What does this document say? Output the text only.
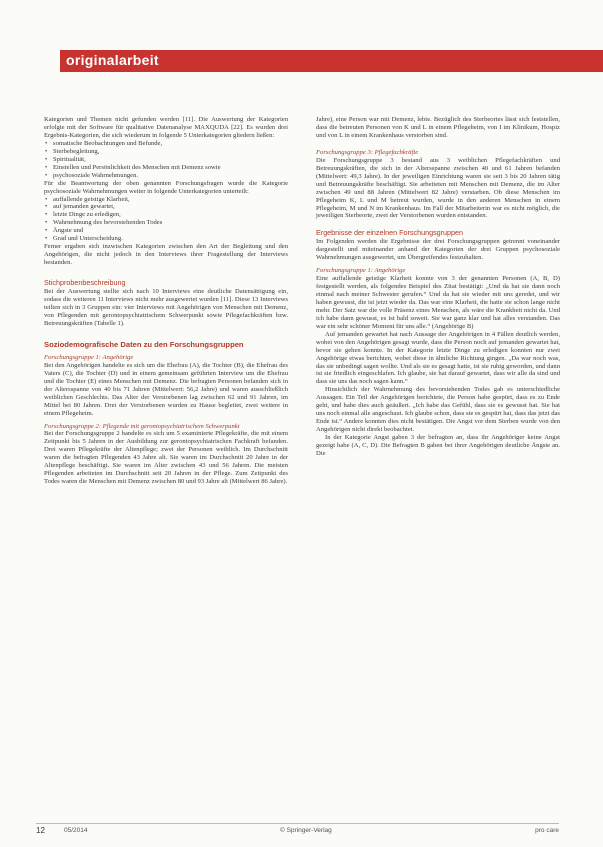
originalarbeit

Kategorien und Themen nicht gefunden werden [11]. Die Auswertung der Kategorien erfolgte mit der Software für qualitative Datenanalyse MAXQUDA [22]. Es wurden drei Ergebnis-Kategorien, die sich wiederum in folgende 5 Unterkategorien gliedern ließen:

• somatische Beobachtungen und Befunde,

• Sterbebegleitung,

• Spiritualität,

• Einstellen und Persönlichkeit des Menschen mit Demenz sowie

• psychosoziale Wahrnehmungen.

Für die Beantwortung der oben genannten Forschungsfragen wurde die Kategorie psychosoziale Wahrnehmungen weiter in folgende Unterkategorien unterteilt:

• auffallende geistige Klarheit,

• auf jemanden gewartet,

• letzte Dinge zu erledigen,

• Wahrnehmung des bevorstehenden Todes

• Ängste und

• Grad und Unterscheidung.

Ferner ergaben sich inzwischen Kategorien zwischen den Art der Begleitung und den Angehörigen, die nicht jedoch in den Interviews ihrer Fragestellung der Interviews bestanden.

Stichprobenbeschreibung

Bei der Auswertung stellte sich nach 10 Interviews eine deutliche Datensättigung ein, sodass die weiteren 11 Interviews nicht mehr ausgewertet wurden [11]. Diese 13 Interviews teilten sich in 3 Gruppen ein: vier Interviews mit Angehörigen von Menschen mit Demenz, von Pflegenden mit gerontopsychiatrischem Schwerpunkt sowie Pflegefachkräften bzw. Betreuungskräften (Tabelle 1).

Soziodemografische Daten zu den Forschungsgruppen

Forschungsgruppe 1: Angehörige

Bei den Angehörigen handelte es sich um die Ehefrau (A), die Tochter (B), die Ehefrau des Vaters (C), die Tochter (D) und in einem gemeinsam geführten Interview um die Ehefrau und die Tochter (E) eines Menschen mit Demenz. Die befragten Personen befanden sich in der Altersspanne von 40 bis 71 Jahren (Mittelwert: 56,2 Jahre) und waren ausschließlich weiblichen Geschlechts. Das Alter der Verstorbenen lag zwischen 62 und 91 Jahren, im Mittel bei 80 Jahren. Drei der Verstorbenen wurden zu Hause begleitet, zwei weitere in einem Pflegeheim.

Forschungsgruppe 2: Pflegende mit gerontopsychiatrischem Schwerpunkt

Bei der Forschungsgruppe 2 handelte es sich um 5 examinierte Pflegekräfte, die mit einem Zeitpunkt bis 5 Jahren in der Ausbildung zur gerontopsychiatrischen Fachkraft befanden. Drei waren Pflegekräfte der Altenpflege; zwei der Personen weiblich. Im Durchschnitt waren die befragten Pflegenden 43 Jahre alt. Sie waren im Durchschnitt 20 Jahre in der Altenpflege beschäftigt. Sie waren im Alter zwischen 43 und 56 Jahren. Die meisten Pflegenden arbeiteten im Durchschnitt seit 20 Jahren in der Pflege. Zum Zeitpunkt des Todes waren die Menschen mit Demenz zwischen 80 und 93 Jahre alt (Mittelwert 86 Jahre).

Jahre), eine Person war mit Demenz, lebte. Bezüglich des Sterbeortes lässt sich feststellen, dass die betreuten Personen von K und L in einem Pflegeheim, von I im Klinikum, Hospiz und von L in einem Krankenhaus verstorben sind.

Forschungsgruppe 3: Pflegefachkräfte

Die Forschungsgruppe 3 bestand aus 3 weiblichen Pflegefachkräften und Betreuungskräften, die sich in der Altersspanne zwischen 40 und 61 Jahren befanden (Mittelwert: 49,3 Jahre). In der jeweiligen Einrichtung waren sie seit 3 bis 20 Jahren tätig und Betreuungskräfte beschäftigt. Sie arbeiteten mit Menschen mit Demenz, die im Alter zwischen 49 und 88 Jahren (Mittelwert 82 Jahre) verstarben. Ob diese Menschen im Pflegeheim K, L und M betreut wurden, wurde in den anderen Menschen in einem Pflegeheim, M und N im Krankenhaus. Im Fall der Mitarbeiterin war es nicht möglich, die jeweiligen Sterbeorte, zwei der Verstorbenen wurden entstanden.

Ergebnisse der einzelnen Forschungsgruppen

Im Folgenden werden die Ergebnisse der drei Forschungsgruppen getrennt voneinander dargestellt und miteinander anhand der Kategorien der drei Gruppen psychosoziale Wahrnehmungen ausgewertet, um Übergreifendes festzuhalten.

Forschungsgruppe 1: Angehörige

Eine auffallende geistige Klarheit konnte von 3 der genannten Personen (A, B, D) festgestellt werden, als folgendes Beispiel des Zitat bestätigt: „Und da hat sie dann noch einmal nach meiner Schwester gerufen.“ Und da hat sie wieder mit uns geredet, und wir haben gewusst, die ist jetzt wieder da. Das war eine Klarheit, die hatte sie schon lange nicht mehr. Der Satz war die volle Präsenz eines Menschen, als wäre die Krankheit nicht da. Und ich habe dann gewusst, es ist bald soweit. Sie war ganz klar und hat alles verstanden. Das war ein sehr schöner Moment für uns alle.“ (Angehörige B)

Auf jemanden gewartet hat nach Aussage der Angehörigen in 4 Fällen deutlich werden, wobei von den Angehörigen gesagt wurde, dass die Person noch auf jemanden gewartet hat, bevor sie gehen konnte. In der Kategorie letzte Dinge zu erledigen konnten nur zwei Angehörige etwas berichten, wobei diese in ähnliche Richtung gingen. „Da war noch was, das sie unbedingt sagen wollte. Und als sie es gesagt hatte, ist sie ruhig geworden, und dann ist sie friedlich eingeschlafen. Ich glaube, sie hat darauf gewartet, dass wir alle da sind und dass sie uns das noch sagen kann.“

Hinsichtlich der Wahrnehmung des bevorstehenden Todes gab es unterschiedliche Aussagen. Ein Teil der Angehörigen berichtete, die Person habe gespürt, dass es zu Ende geht, und habe dies auch geäußert. „Ich habe das Gefühl, dass sie es gewusst hat. Sie hat uns noch einmal alle angeschaut. Ich glaube schon, dass sie es gespürt hat, dass das jetzt das Ende ist.“ Andere konnten dies nicht bestätigen. Die Angst vor dem Sterben wurde von den Angehörigen nicht direkt beobachtet.

In der Kategorie Angst gaben 3 der befragten an, dass ihr Angehöriger keine Angst gezeigt habe (A, C, D). Die Befragten B gaben bei ihrer Angehörigen deutliche Ängste an. Die

12	05/2014	© Springer-Verlag	pro care
